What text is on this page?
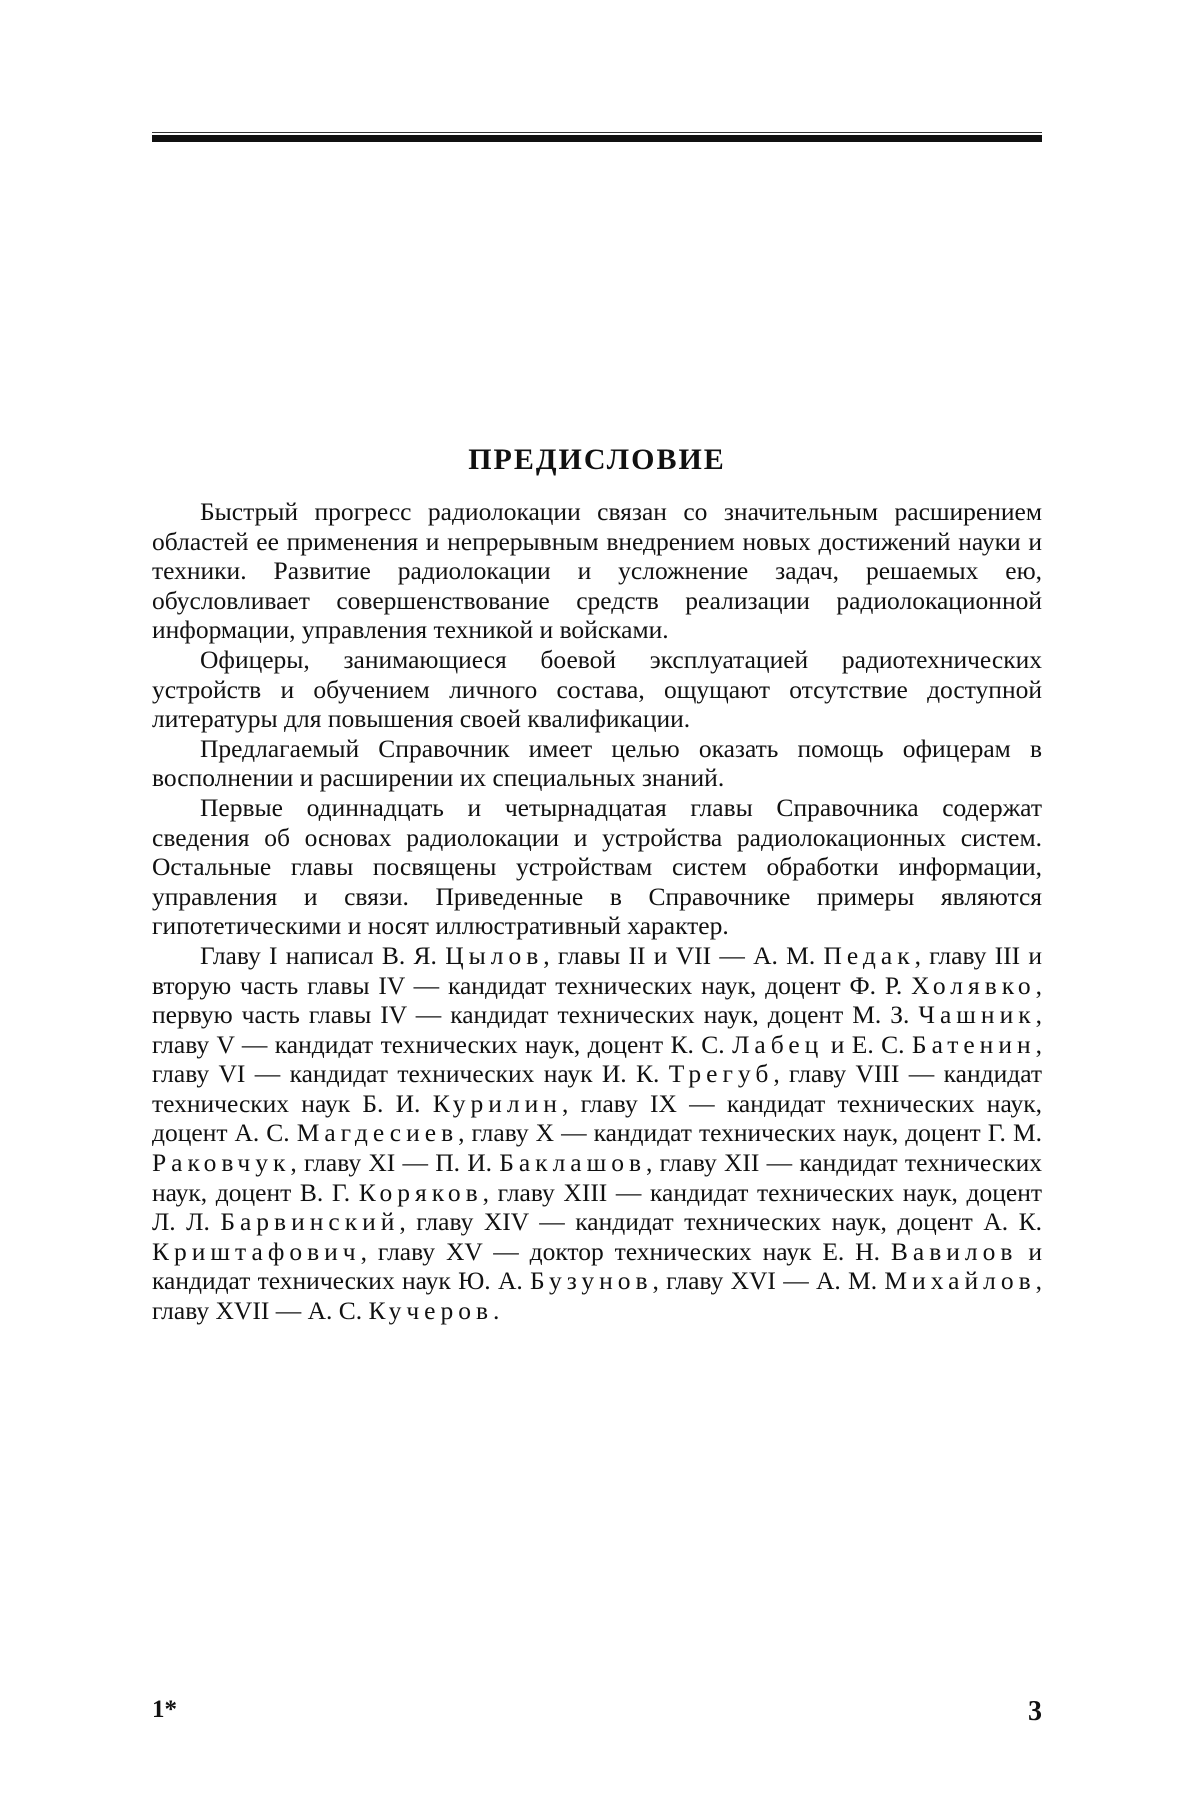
ПРЕДИСЛОВИЕ

Быстрый прогресс радиолокации связан со значительным расширением областей ее применения и непрерывным внедрением новых достижений науки и техники. Развитие радиолокации и усложнение задач, решаемых ею, обусловливает совершенствование средств реализации радиолокационной информации, управления техникой и войсками.

Офицеры, занимающиеся боевой эксплуатацией радиотехнических устройств и обучением личного состава, ощущают отсутствие доступной литературы для повышения своей квалификации.

Предлагаемый Справочник имеет целью оказать помощь офицерам в восполнении и расширении их специальных знаний.

Первые одиннадцать и четырнадцатая главы Справочника содержат сведения об основах радиолокации и устройства радиолокационных систем. Остальные главы посвящены устройствам систем обработки информации, управления и связи. Приведенные в Справочнике примеры являются гипотетическими и носят иллюстративный характер.

Главу I написал В. Я. Цылов, главы II и VII — А. М. Педак, главу III и вторую часть главы IV — кандидат технических наук, доцент Ф. Р. Холявко, первую часть главы IV — кандидат технических наук, доцент М. З. Чашник, главу V — кандидат технических наук, доцент К. С. Лабец и Е. С. Батенин, главу VI — кандидат технических наук И. К. Трегуб, главу VIII — кандидат технических наук Б. И. Курилин, главу IX — кандидат технических наук, доцент А. С. Магдесиев, главу X — кандидат технических наук, доцент Г. М. Раковчук, главу XI — П. И. Баклашов, главу XII — кандидат технических наук, доцент В. Г. Коряков, главу XIII — кандидат технических наук, доцент Л. Л. Барвинский, главу XIV — кандидат технических наук, доцент А. К. Криштафович, главу XV — доктор технических наук Е. Н. Вавилов и кандидат технических наук Ю. А. Бузунов, главу XVI — А. М. Михайлов, главу XVII — А. С. Кучеров.

1*	3
